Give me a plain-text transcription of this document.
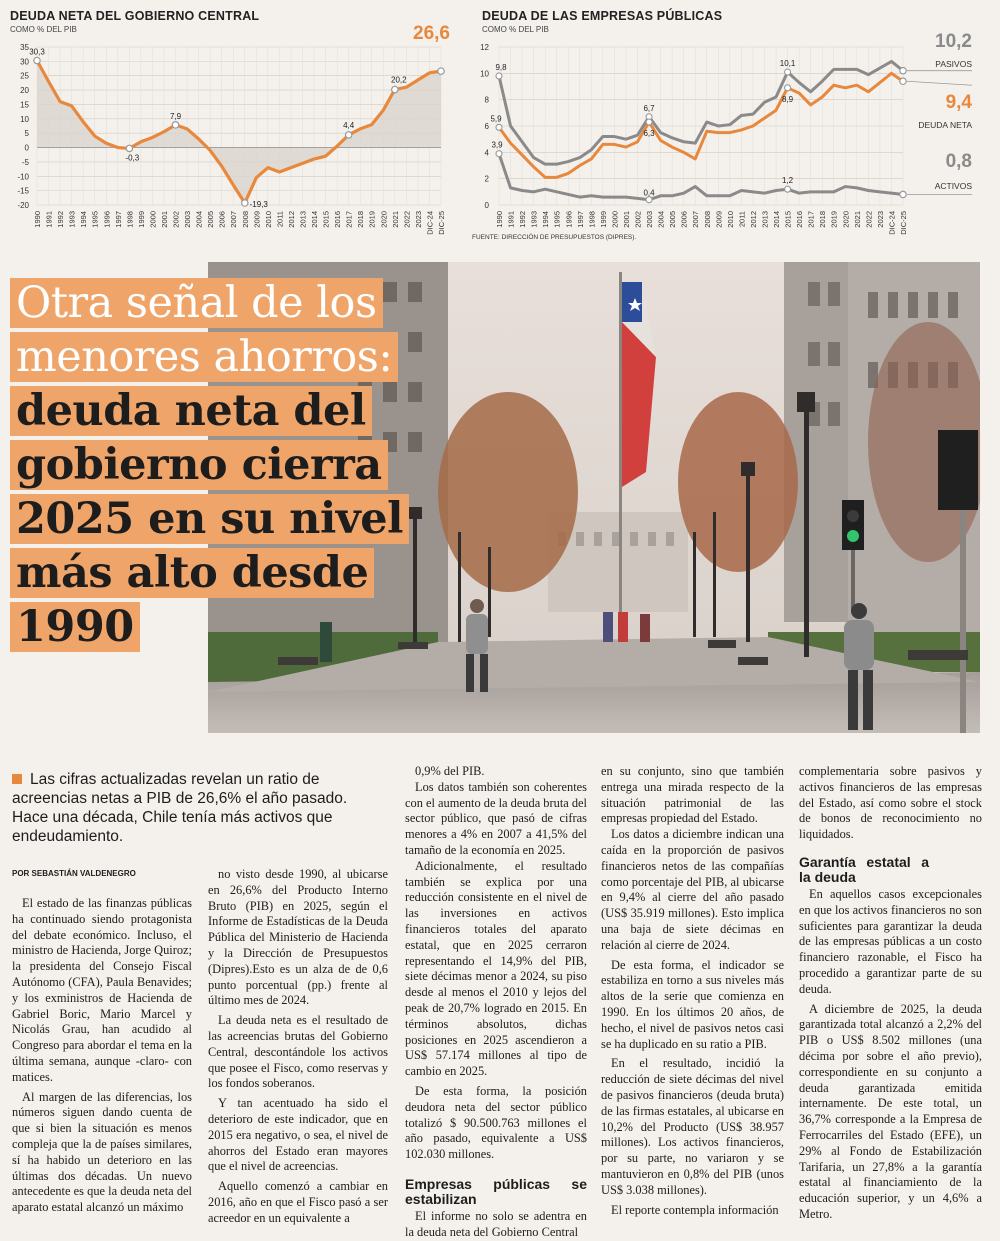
DEUDA NETA DEL GOBIERNO CENTRAL
COMO % DEL PIB
35
30
25
20
15
10
5
0
-5
-10
-15
-20
30,3
7,9
-0,3
-19,3
4,4
20,2
26,6
1990 1991 1992 1993 1994 1995 1996 1997 1998 1999 2000 2001 2002 2003 2004 2005 2006 2007 2008 2009 2010 2011 2012 2013 2014 2015 2016 2017 2018 2019 2020 2021 2022 2023 DIC-24 DIC-25
DEUDA DE LAS EMPRESAS PÚBLICAS
COMO % DEL PIB
12
10
8
6
4
2
0
9,8
5,9
3,9
6,7
6,3
0,4
10,1
8,9
1,2
10,2
PASIVOS
9,4
DEUDA NETA
0,8
ACTIVOS
1990 1991 1992 1993 1994 1995 1996 1997 1998 1999 2000 2001 2002 2003 2004 2005 2006 2007 2008 2009 2010 2011 2012 2013 2014 2015 2016 2017 2018 2019 2020 2021 2022 2023 DIC-24 DIC-25
FUENTE: DIRECCIÓN DE PRESUPUESTOS (DIPRES).
Otra señal de los
menores ahorros:
deuda neta del
gobierno cierra
2025 en su nivel
más alto desde
1990
Las cifras actualizadas revelan un ratio de acreencias netas a PIB de 26,6% el año pasado. Hace una década, Chile tenía más activos que endeudamiento.
POR SEBASTIÁN VALDENEGRO

El estado de las finanzas públicas ha continuado siendo protagonista del debate económico. Incluso, el ministro de Hacienda, Jorge Quiroz; la presidenta del Consejo Fiscal Autónomo (CFA), Paula Benavides; y los exministros de Hacienda de Gabriel Boric, Mario Marcel y Nicolás Grau, han acudido al Congreso para abordar el tema en la última semana, aunque -claro- con matices.

Al margen de las diferencias, los números siguen dando cuenta de que si bien la situación es menos compleja que la de países similares, sí ha habido un deterioro en las últimas dos décadas. Un nuevo antecedente es que la deuda neta del aparato estatal alcanzó un máximo

no visto desde 1990, al ubicarse en 26,6% del Producto Interno Bruto (PIB) en 2025, según el Informe de Estadísticas de la Deuda Pública del Ministerio de Hacienda y la Dirección de Presupuestos (Dipres).Esto es un alza de de 0,6 punto porcentual (pp.) frente al último mes de 2024.

La deuda neta es el resultado de las acreencias brutas del Gobierno Central, descontándole los activos que posee el Fisco, como reservas y los fondos soberanos.

Y tan acentuado ha sido el deterioro de este indicador, que en 2015 era negativo, o sea, el nivel de ahorros del Estado eran mayores que el nivel de acreencias.

Aquello comenzó a cambiar en 2016, año en que el Fisco pasó a ser acreedor en un equivalente a

0,9% del PIB.

Los datos también son coherentes con el aumento de la deuda bruta del sector público, que pasó de cifras menores a 4% en 2007 a 41,5% del tamaño de la economía en 2025.

Adicionalmente, el resultado también se explica por una reducción consistente en el nivel de las inversiones en activos financieros totales del aparato estatal, que en 2025 cerraron representando el 14,9% del PIB, siete décimas menor a 2024, su piso desde al menos el 2010 y lejos del peak de 20,7% logrado en 2015. En términos absolutos, dichas posiciones en 2025 ascendieron a US$ 57.174 millones al tipo de cambio en 2025.

De esta forma, la posición deudora neta del sector público totalizó $ 90.500.763 millones el año pasado, equivalente a US$ 102.030 millones.

Empresas públicas se estabilizan

El informe no solo se adentra en la deuda neta del Gobierno Central

en su conjunto, sino que también entrega una mirada respecto de la situación patrimonial de las empresas propiedad del Estado.

Los datos a diciembre indican una caída en la proporción de pasivos financieros netos de las compañías como porcentaje del PIB, al ubicarse en 9,4% al cierre del año pasado (US$ 35.919 millones). Esto implica una baja de siete décimas en relación al cierre de 2024.

De esta forma, el indicador se estabiliza en torno a sus niveles más altos de la serie que comienza en 1990. En los últimos 20 años, de hecho, el nivel de pasivos netos casi se ha duplicado en su ratio a PIB.

En el resultado, incidió la reducción de siete décimas del nivel de pasivos financieros (deuda bruta) de las firmas estatales, al ubicarse en 10,2% del Producto (US$ 38.957 millones). Los activos financieros, por su parte, no variaron y se mantuvieron en 0,8% del PIB (unos US$ 3.038 millones).

El reporte contempla información

complementaria sobre pasivos y activos financieros de las empresas del Estado, así como sobre el stock de bonos de reconocimiento no liquidados.

Garantía estatal a la deuda

En aquellos casos excepcionales en que los activos financieros no son suficientes para garantizar la deuda de las empresas públicas a un costo financiero razonable, el Fisco ha procedido a garantizar parte de su deuda.

A diciembre de 2025, la deuda garantizada total alcanzó a 2,2% del PIB o US$ 8.502 millones (una décima por sobre el año previo), correspondiente en su conjunto a deuda garantizada emitida internamente. De este total, un 36,7% corresponde a la Empresa de Ferrocarriles del Estado (EFE), un 29% al Fondo de Estabilización Tarifaria, un 27,8% a la garantía estatal al financiamiento de la educación superior, y un 4,6% a Metro.
